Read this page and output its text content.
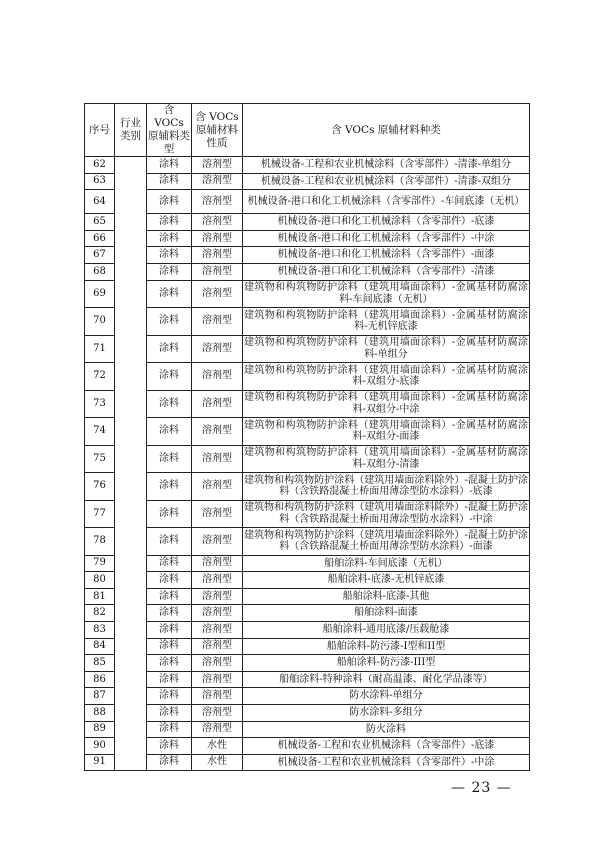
序号	行业类别	含 VOCs 原辅料类型	含 VOCs 原辅材料性质	含 VOCs 原辅材料种类
62		涂料	溶剂型	机械设备-工程和农业机械涂料（含零部件）-清漆-单组分
63		涂料	溶剂型	机械设备-工程和农业机械涂料（含零部件）-清漆-双组分
64		涂料	溶剂型	机械设备-港口和化工机械涂料（含零部件）-车间底漆（无机）
65		涂料	溶剂型	机械设备-港口和化工机械涂料（含零部件）-底漆
66		涂料	溶剂型	机械设备-港口和化工机械涂料（含零部件）-中涂
67		涂料	溶剂型	机械设备-港口和化工机械涂料（含零部件）-面漆
68		涂料	溶剂型	机械设备-港口和化工机械涂料（含零部件）-清漆
69		涂料	溶剂型	建筑物和构筑物防护涂料（建筑用墙面涂料）-金属基材防腐涂料-车间底漆（无机）
70		涂料	溶剂型	建筑物和构筑物防护涂料（建筑用墙面涂料）-金属基材防腐涂料-无机锌底漆
71		涂料	溶剂型	建筑物和构筑物防护涂料（建筑用墙面涂料）-金属基材防腐涂料-单组分
72		涂料	溶剂型	建筑物和构筑物防护涂料（建筑用墙面涂料）-金属基材防腐涂料-双组分-底漆
73		涂料	溶剂型	建筑物和构筑物防护涂料（建筑用墙面涂料）-金属基材防腐涂料-双组分-中涂
74		涂料	溶剂型	建筑物和构筑物防护涂料（建筑用墙面涂料）-金属基材防腐涂料-双组分-面漆
75		涂料	溶剂型	建筑物和构筑物防护涂料（建筑用墙面涂料）-金属基材防腐涂料-双组分-清漆
76		涂料	溶剂型	建筑物和构筑物防护涂料（建筑用墙面涂料除外）-混凝土防护涂料（含铁路混凝土桥面用薄涂型防水涂料）-底漆
77		涂料	溶剂型	建筑物和构筑物防护涂料（建筑用墙面涂料除外）-混凝土防护涂料（含铁路混凝土桥面用薄涂型防水涂料）-中涂
78		涂料	溶剂型	建筑物和构筑物防护涂料（建筑用墙面涂料除外）-混凝土防护涂料（含铁路混凝土桥面用薄涂型防水涂料）-面漆
79		涂料	溶剂型	船舶涂料-车间底漆（无机）
80		涂料	溶剂型	船舶涂料-底漆-无机锌底漆
81		涂料	溶剂型	船舶涂料-底漆-其他
82		涂料	溶剂型	船舶涂料-面漆
83		涂料	溶剂型	船舶涂料-通用底漆/压载舱漆
84		涂料	溶剂型	船舶涂料-防污漆-I型和II型
85		涂料	溶剂型	船舶涂料-防污漆-III型
86		涂料	溶剂型	船舶涂料-特种涂料（耐高温漆、耐化学品漆等）
87		涂料	溶剂型	防水涂料-单组分
88		涂料	溶剂型	防水涂料-多组分
89		涂料	溶剂型	防火涂料
90		涂料	水性	机械设备-工程和农业机械涂料（含零部件）-底漆
91		涂料	水性	机械设备-工程和农业机械涂料（含零部件）-中涂
— 23 —
